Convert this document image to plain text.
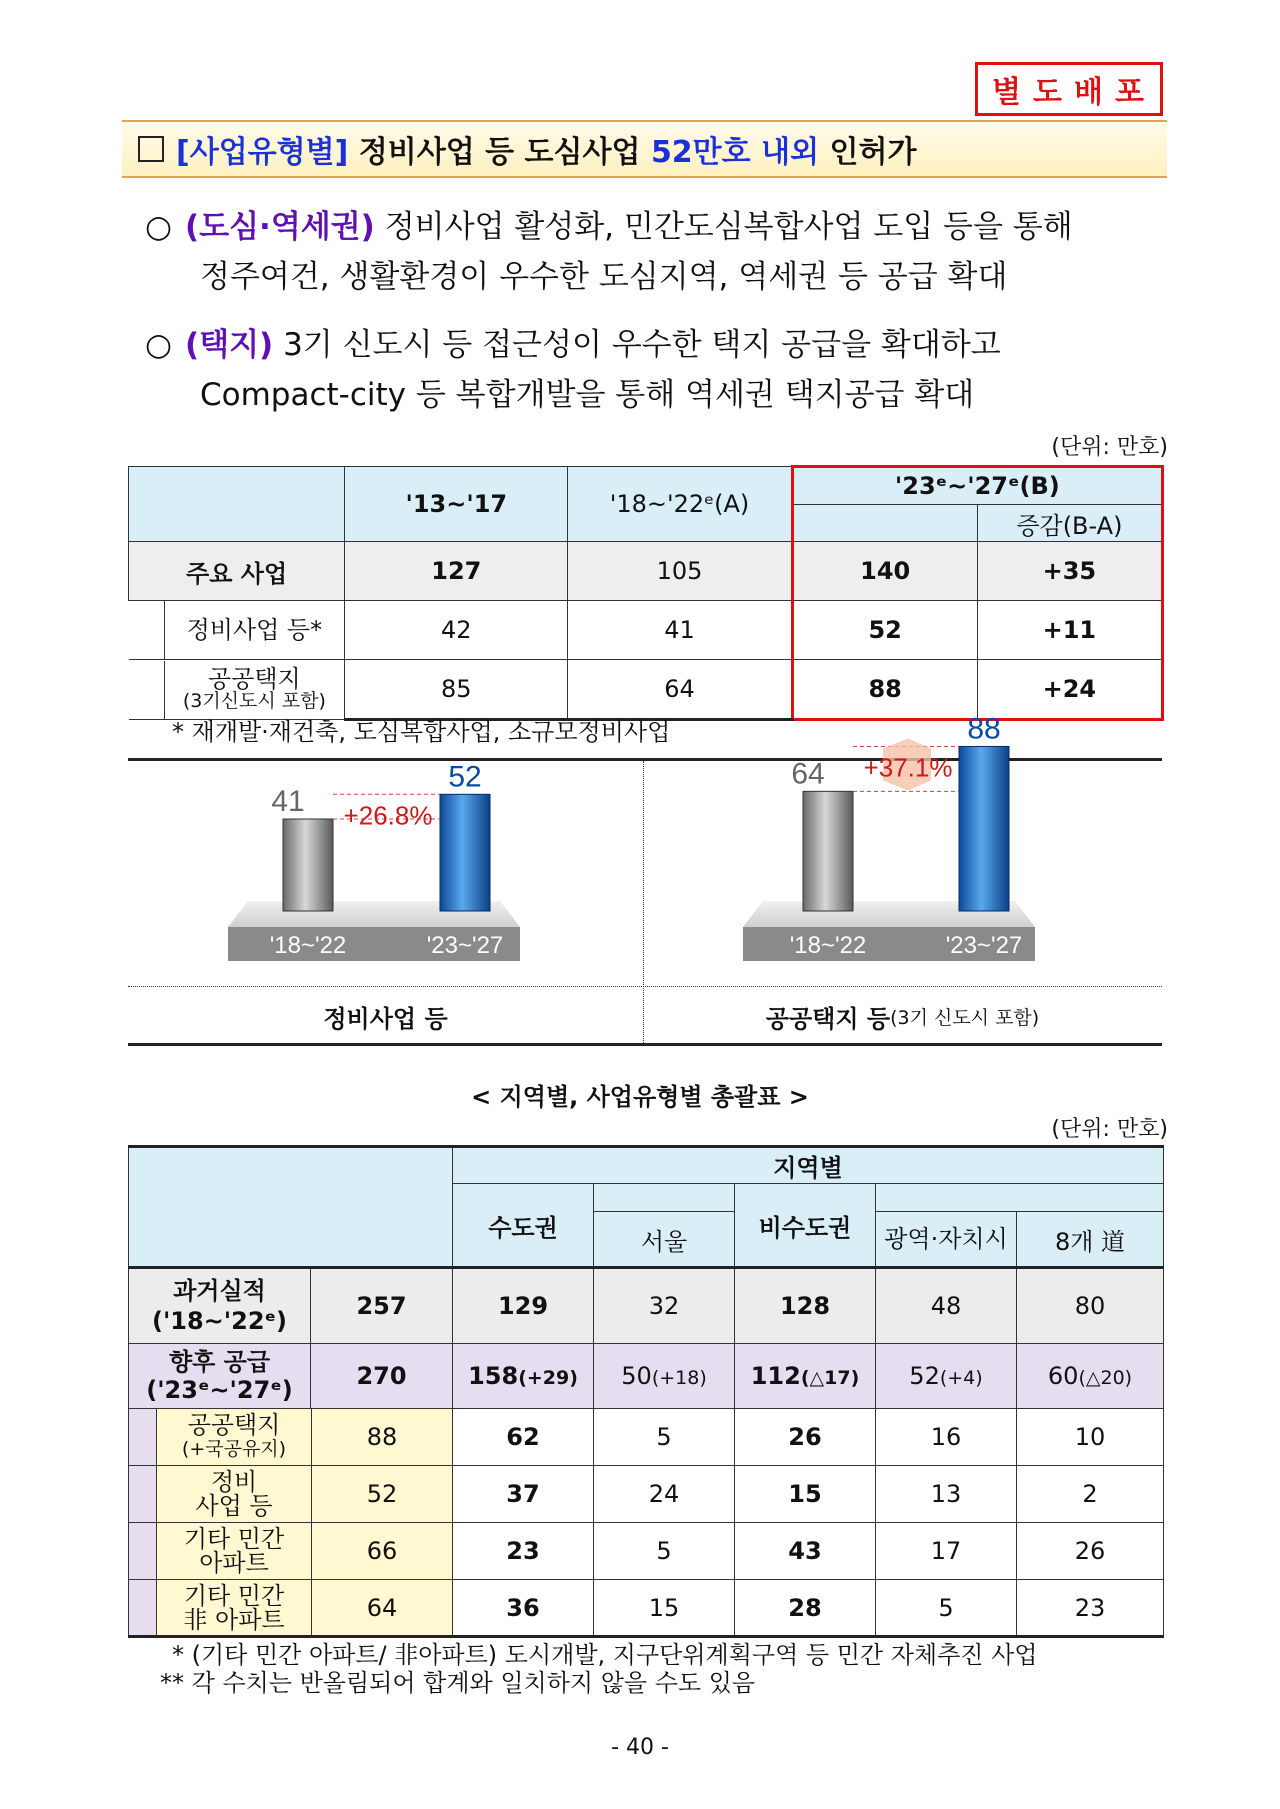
별도배포
[사업유형별] 정비사업 등 도심사업 52만호 내외 인허가
○ (도심·역세권) 정비사업 활성화, 민간도심복합사업 도입 등을 통해
정주여건, 생활환경이 우수한 도심지역, 역세권 등 공급 확대
○ (택지) 3기 신도시 등 접근성이 우수한 택지 공급을 확대하고
Compact-city 등 복합개발을 통해 역세권 택지공급 확대
(단위: 만호)
	'13~'17	'18~'22ᵉ(A)	'23ᵉ~'27ᵉ(B)	
				증감(B-A)
주요 사업	127	105	140	+35

정비사업 등*	42	41	52	+11

공공택지
(3기신도시 포함)	85	64	88	+24
* 재개발·재건축, 도심복합사업, 소규모정비사업
41
52
+26.8%
'18~'22	'23~'27
64
88
+37.1%
'18~'22	'23~'27
정비사업 등	공공택지 등 (3기 신도시 포함)
< 지역별, 사업유형별 총괄표 >
(단위: 만호)
			지역별				
			수도권		비수도권		
				서울		광역·자치시	8개 道

과거실적
('18~'22ᵉ)
257			129	32	128	48	80

향후 공급
('23ᵉ~'27ᵉ) 270			158(+29)	50(+18)	112(△17)	52(+4)	60(△20)

	공공택지
(+국공유지)	88	62	5	26	16	10

	정비
사업 등	52	37	24	15	13	2

	기타 민간
아파트	66	23	5	43	17	26

	기타 민간
非 아파트	64	36	15	28	5	23
* (기타 민간 아파트/ 非아파트) 도시개발, 지구단위계획구역 등 민간 자체추진 사업
** 각 수치는 반올림되어 합계와 일치하지 않을 수도 있음
- 40 -
